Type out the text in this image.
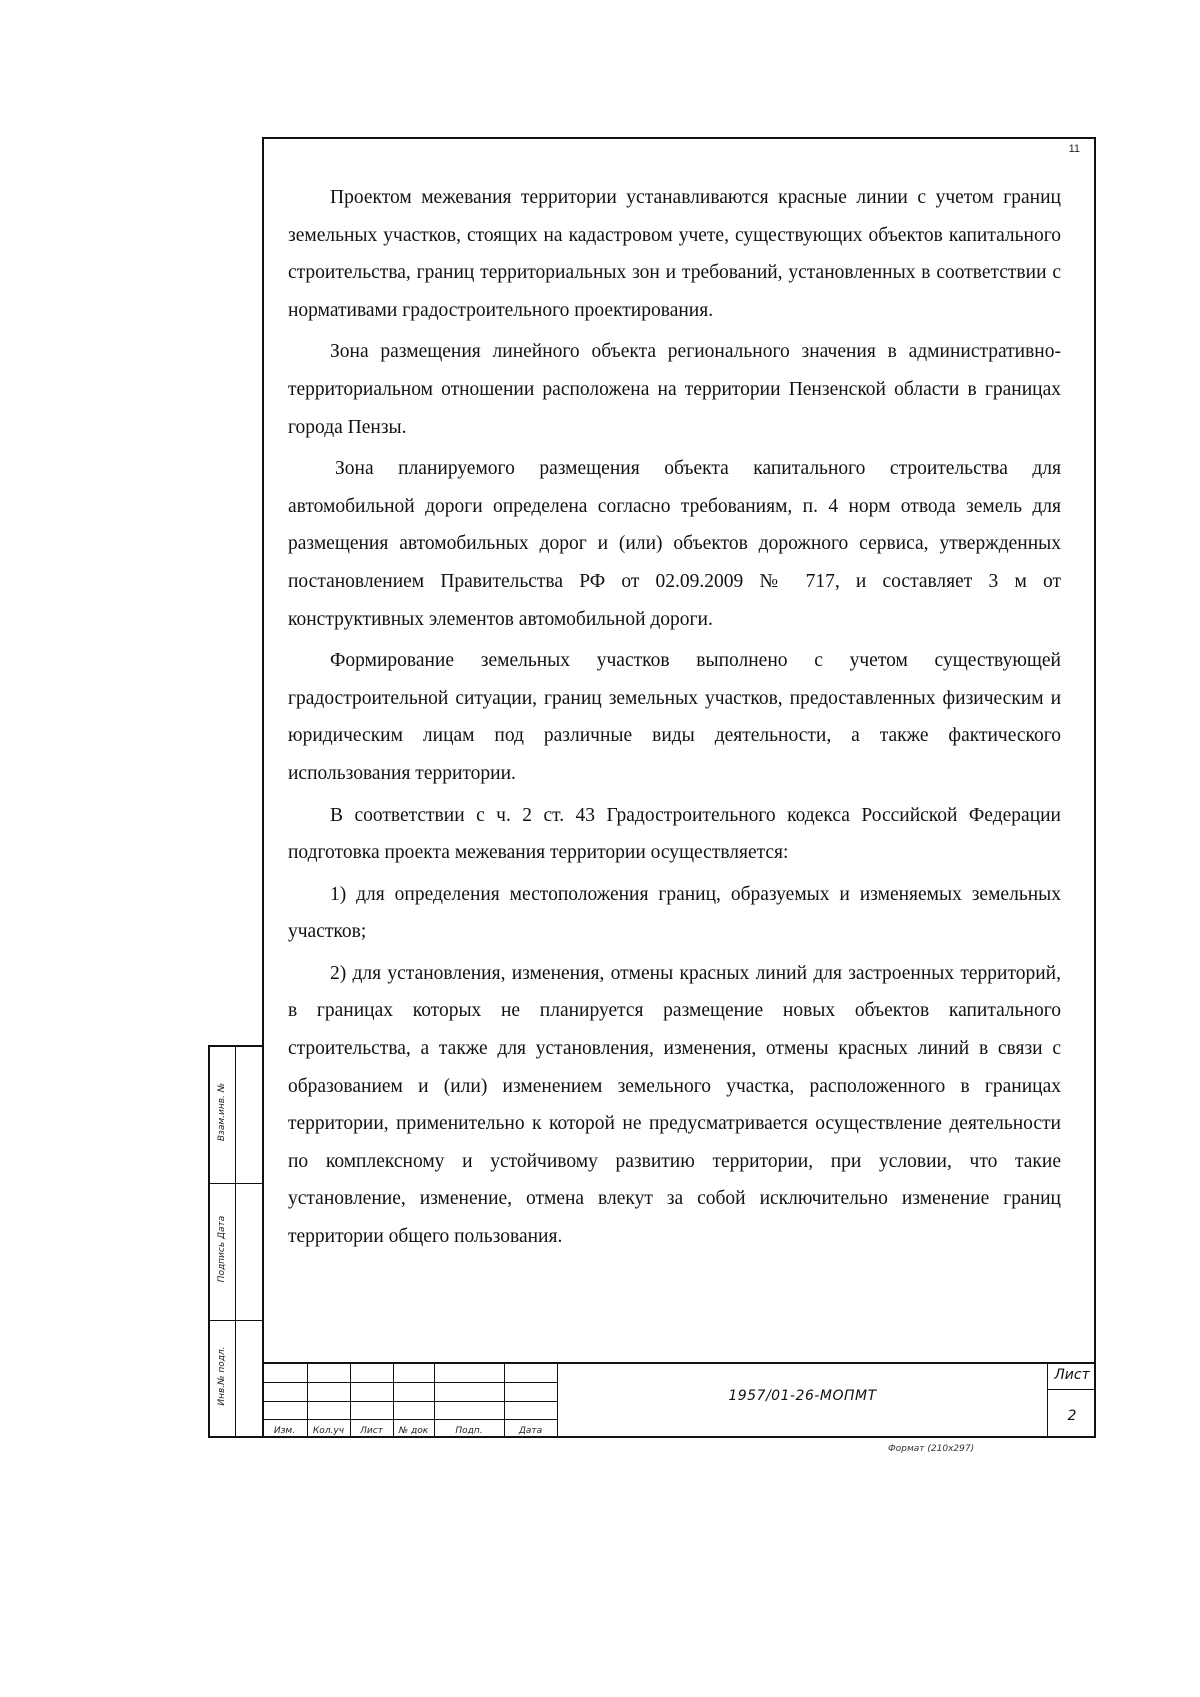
11

Проектом межевания территории устанавливаются красные линии с учетом границ земельных участков, стоящих на кадастровом учете, существующих объектов капитального строительства, границ территориальных зон и требований, установленных в соответствии с нормативами градостроительного проектирования.

Зона размещения линейного объекта регионального значения в административно-территориальном отношении расположена на территории Пензенской области в границах города Пензы.

Зона планируемого размещения объекта капитального строительства для автомобильной дороги определена согласно требованиям, п. 4 норм отвода земель для размещения автомобильных дорог и (или) объектов дорожного сервиса, утвержденных постановлением Правительства РФ от 02.09.2009 № 717, и составляет 3 м от конструктивных элементов автомобильной дороги.

Формирование земельных участков выполнено с учетом существующей градостроительной ситуации, границ земельных участков, предоставленных физическим и юридическим лицам под различные виды деятельности, а также фактического использования территории.

В соответствии с ч. 2 ст. 43 Градостроительного кодекса Российской Федерации подготовка проекта межевания территории осуществляется:

1) для определения местоположения границ, образуемых и изменяемых земельных участков;

2) для установления, изменения, отмены красных линий для застроенных территорий, в границах которых не планируется размещение новых объектов капитального строительства, а также для установления, изменения, отмены красных линий в связи с образованием и (или) изменением земельного участка, расположенного в границах территории, применительно к которой не предусматривается осуществление деятельности по комплексному и устойчивому развитию территории, при условии, что такие установление, изменение, отмена влекут за собой исключительно изменение границ территории общего пользования.

Взам.инв. №
Подпись Дата
Инв.№ подл.
Изм.	Кол.уч	Лист	№ док	Подп.	Дата
1957/01-26-МОПМТ
Лист
2
Формат (210x297)
